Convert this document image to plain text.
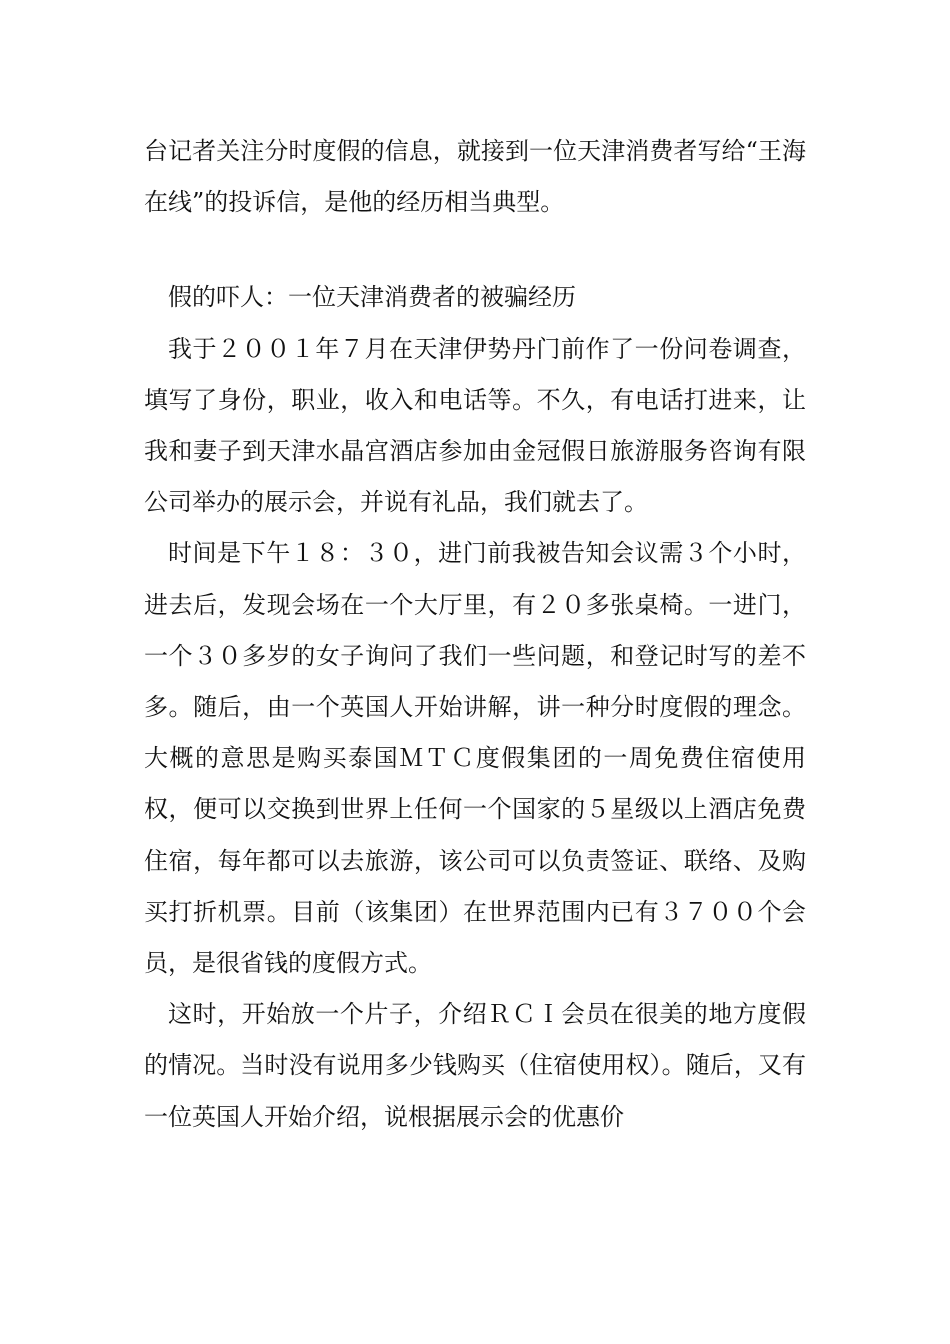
台记者关注分时度假的信息，就接到一位天津消费者写给“王海在线”的投诉信，是他的经历相当典型。

假的吓人：一位天津消费者的被骗经历

我于２００１年７月在天津伊势丹门前作了一份问卷调查，填写了身份，职业，收入和电话等。不久，有电话打进来，让我和妻子到天津水晶宫酒店参加由金冠假日旅游服务咨询有限公司举办的展示会，并说有礼品，我们就去了。

时间是下午１８：３０，进门前我被告知会议需３个小时，进去后，发现会场在一个大厅里，有２０多张桌椅。一进门，一个３０多岁的女子询问了我们一些问题，和登记时写的差不多。随后，由一个英国人开始讲解，讲一种分时度假的理念。大概的意思是购买泰国ＭＴＣ度假集团的一周免费住宿使用权，便可以交换到世界上任何一个国家的５星级以上酒店免费住宿，每年都可以去旅游，该公司可以负责签证、联络、及购买打折机票。目前（该集团）在世界范围内已有３７００个会员，是很省钱的度假方式。

这时，开始放一个片子，介绍ＲＣＩ会员在很美的地方度假的情况。当时没有说用多少钱购买（住宿使用权）。随后，又有一位英国人开始介绍，说根据展示会的优惠价
